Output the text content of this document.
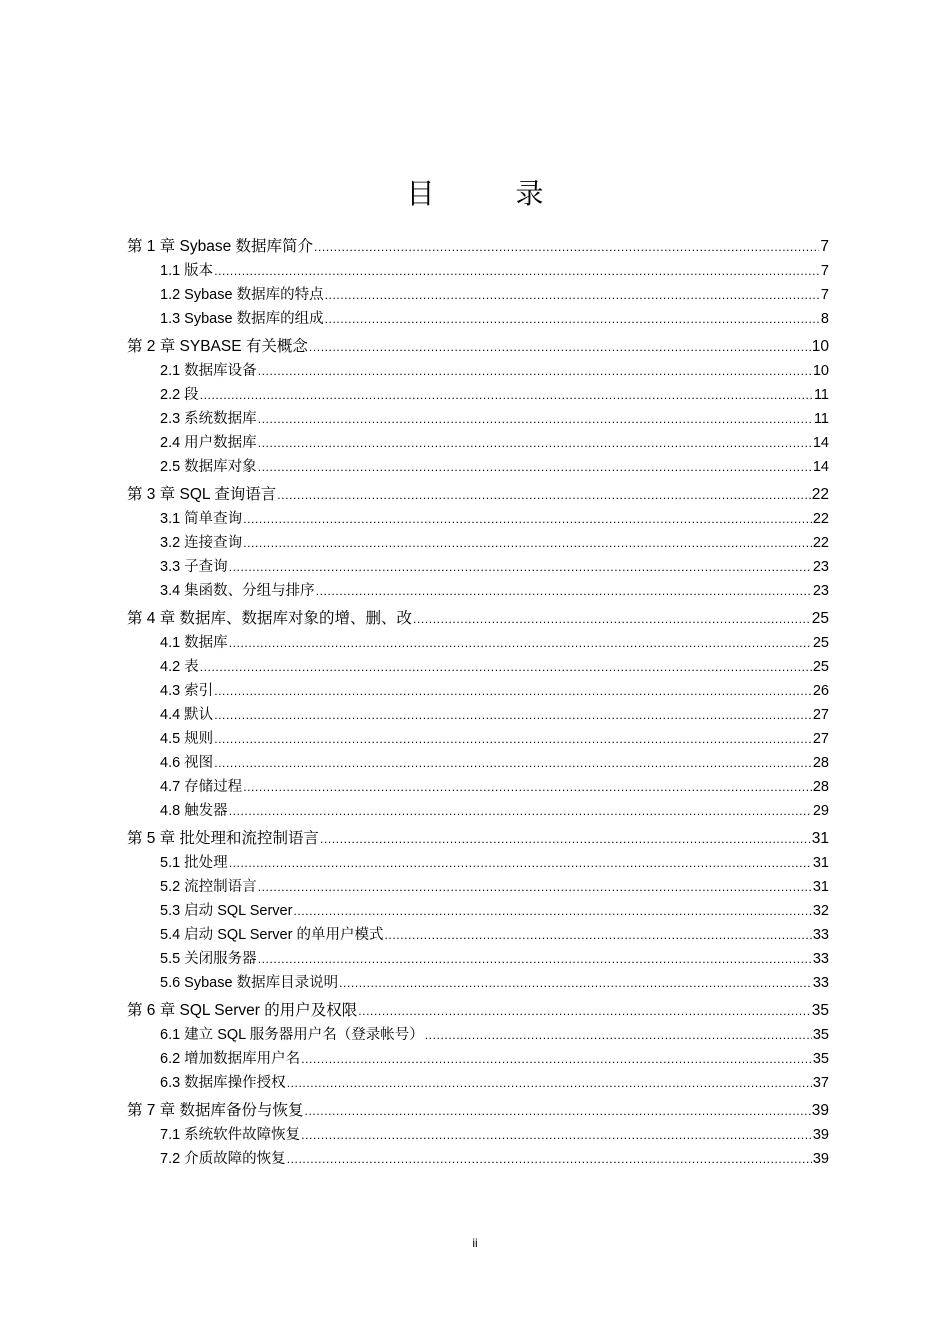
目 录
第 1 章 Sybase 数据库简介 .....	7
1.1 版本 .....	7
1.2 Sybase 数据库的特点 .....	7
1.3 Sybase 数据库的组成 .....	8
第 2 章 SYBASE 有关概念 .....	10
2.1 数据库设备 .....	10
2.2 段 .....	11
2.3 系统数据库 .....	11
2.4 用户数据库 .....	14
2.5 数据库对象 .....	14
第 3 章 SQL 查询语言 .....	22
3.1 简单查询 .....	22
3.2 连接查询 .....	22
3.3 子查询 .....	23
3.4 集函数、分组与排序 .....	23
第 4 章 数据库、数据库对象的增、删、改 .....	25
4.1 数据库 .....	25
4.2 表 .....	25
4.3 索引 .....	26
4.4 默认 .....	27
4.5 规则 .....	27
4.6 视图 .....	28
4.7 存储过程 .....	28
4.8 触发器 .....	29
第 5 章 批处理和流控制语言 .....	31
5.1 批处理 .....	31
5.2 流控制语言 .....	31
5.3 启动 SQL Server .....	32
5.4 启动 SQL Server 的单用户模式 .....	33
5.5 关闭服务器 .....	33
5.6 Sybase 数据库目录说明 .....	33
第 6 章 SQL Server 的用户及权限 .....	35
6.1 建立 SQL 服务器用户名（登录帐号） .....	35
6.2 增加数据库用户名 .....	35
6.3 数据库操作授权 .....	37
第 7 章 数据库备份与恢复 .....	39
7.1 系统软件故障恢复 .....	39
7.2 介质故障的恢复 .....	39
ii
